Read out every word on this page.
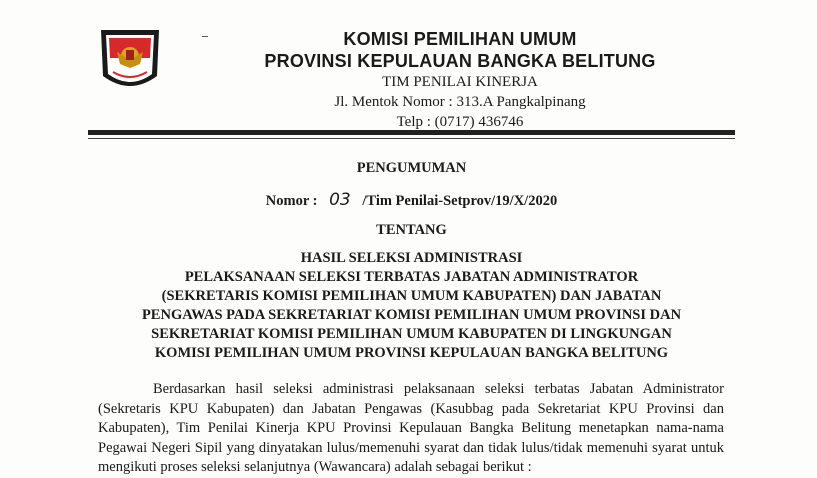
KOMISI PEMILIHAN UMUM
PROVINSI KEPULAUAN BANGKA BELITUNG
TIM PENILAI KINERJA
Jl. Mentok Nomor : 313.A Pangkalpinang
Telp : (0717) 436746
PENGUMUMAN
Nomor : 03 /Tim Penilai-Setprov/19/X/2020
TENTANG
HASIL SELEKSI ADMINISTRASI
PELAKSANAAN SELEKSI TERBATAS JABATAN ADMINISTRATOR
(SEKRETARIS KOMISI PEMILIHAN UMUM KABUPATEN) DAN JABATAN
PENGAWAS PADA SEKRETARIAT KOMISI PEMILIHAN UMUM PROVINSI DAN
SEKRETARIAT KOMISI PEMILIHAN UMUM KABUPATEN DI LINGKUNGAN
KOMISI PEMILIHAN UMUM PROVINSI KEPULAUAN BANGKA BELITUNG

Berdasarkan hasil seleksi administrasi pelaksanaan seleksi terbatas Jabatan Administrator (Sekretaris KPU Kabupaten) dan Jabatan Pengawas (Kasubbag pada Sekretariat KPU Provinsi dan Kabupaten), Tim Penilai Kinerja KPU Provinsi Kepulauan Bangka Belitung menetapkan nama-nama Pegawai Negeri Sipil yang dinyatakan lulus/memenuhi syarat dan tidak lulus/tidak memenuhi syarat untuk mengikuti proses seleksi selanjutnya (Wawancara) adalah sebagai berikut :
